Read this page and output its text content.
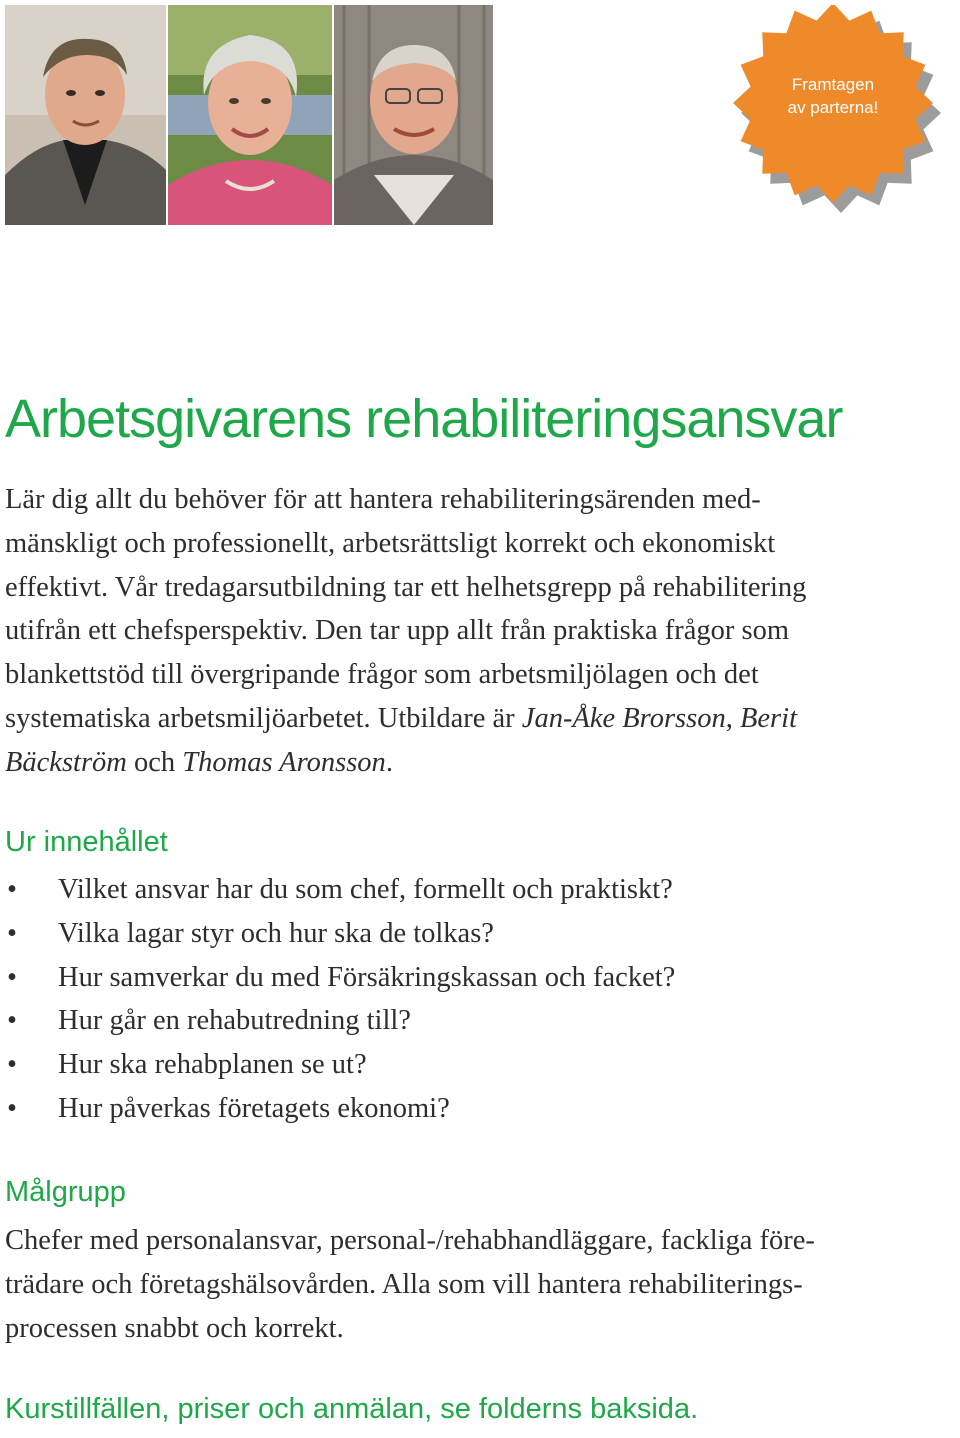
Framtagen
av parterna!
Arbetsgivarens rehabiliteringsansvar
Lär dig allt du behöver för att hantera rehabiliteringsärenden med-
mänskligt och professionellt, arbetsrättsligt korrekt och ekonomiskt
effektivt. Vår tredagarsutbildning tar ett helhetsgrepp på rehabilitering
utifrån ett chefsperspektiv. Den tar upp allt från praktiska frågor som
blankettstöd till övergripande frågor som arbetsmiljölagen och det
systematiska arbetsmiljöarbetet. Utbildare är Jan-Åke Brorsson, Berit
Bäckström och Thomas Aronsson.
Ur innehållet
• Vilket ansvar har du som chef, formellt och praktiskt?
• Vilka lagar styr och hur ska de tolkas?
• Hur samverkar du med Försäkringskassan och facket?
• Hur går en rehabutredning till?
• Hur ska rehabplanen se ut?
• Hur påverkas företagets ekonomi?
Målgrupp
Chefer med personalansvar, personal-/rehabhandläggare, fackliga före-
trädare och företagshälsovården. Alla som vill hantera rehabiliterings-
processen snabbt och korrekt.

Kurstillfällen, priser och anmälan, se folderns baksida.
